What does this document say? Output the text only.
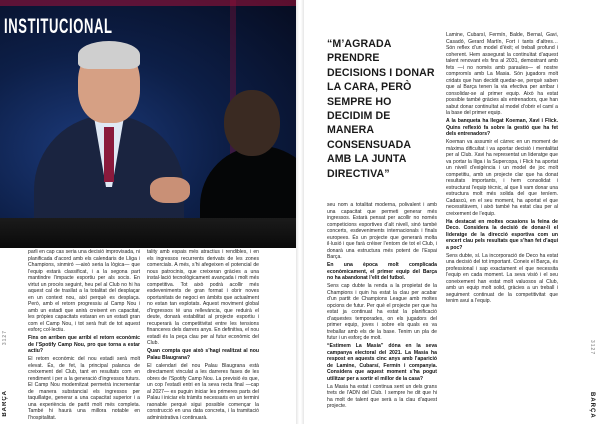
INSTITUCIONAL
3127
BARÇA

parli en cap cas seria una decisió improvisada, ni planificada d’acord amb els calendaris de Lliga i Champions, sinmiró —això seria la lògica— que l’equip estarà classificat, i a la segona part mantindre l’impacte esportiu per als socis. En virtut un procés seguint, heu pel al Club no hi ha aquest cal de trasllat a la totalitat del desplaçar en un context nou, així perquè es desplaça. Però, amb el retorn progressiu al Camp Nou i amb un estadi que anirà creixent en capacitat, les pròpies capacitats estaran en un estadi gran com el Camp Nou, i tot serà fruit de tot aquest esforç col·lectiu.

Fins on arriben que arribi el retorn econòmic de l’Spotify Camp Nou, pro que torna a estar actiu?

El retorn econòmic del nou estadi serà molt elevat. És, de fet, la principal palanca de creixement del Club, tant en resultats com en rendiment i per a la generació d’ingressos futurs. El Camp Nou modernitzat permetrà incrementar de manera substancial els ingressos per taquillatge, generar a una capacitat superior i a una experiència de partit molt més completa. També hi haurà una millora notable en l’hospitalitat.

tality amb espais més atractius i rendibles, i en els ingressos recurrents derivats de les zones comercials. A més, s’hi afegeixen el potencial de nous patrocinis, que creixeran gràcies a una instal·lació tecnològicament avançada i molt més competitiva. Tot això podrà acollir més esdeveniments de gran format i obrir noves oportunitats de negoci en àmbits que actualment no estan tan explotats. Aquest moviment global d’ingressos té una rellevància, que reduirà el deute, donarà estabilitat al projecte esportiu i recuperarà la competitivitat entre les tensions financeres dels darrers anys. En definitiva, el nou estadi és la peça clau per al futur econòmic del Club.

Quan compta que això s’hagi realitzat al nou Palau Blaugrana?

El calendari del nou Palau Blaugrana està directament vinculat a les darreres fases de les obres de l’Spotify Camp Nou. La previsió és que, un cop l’estadi entri en la seva recta final —cap al 2027— es puguin iniciar les primeres parts del Palau i iniciar els tràmits necessaris en un termini raonable perquè sigui possible començar la construcció en una data concreta, i la tramitació administrativa i continuarà.

“M’AGRADA PRENDRE DECISIONS I DONAR LA CARA, PERÒ SEMPRE HO DECIDIM DE MANERA CONSENSUADA AMB LA JUNTA DIRECTIVA”

seu nom a totalitat moderna, polivalent i amb una capacitat que permeti generar més ingressos. Estarà pensat per acollir no només competicions esportives d’alt nivell, sinó també concerts, esdeveniments internacionals i finals europees. És un projecte que generarà molta il·lusió i que farà créixer l’entorn de tot el Club, i donarà una estructura més potent de l’Espai Barça.

En una època molt complicada econòmicament, el primer equip del Barça no ha abandonat l’elit del futbol.

Sens cap dubte la renda a la propietat de la Champions i quin ha estat la clau per acabar d’un partit de Champions League amb moltes opcions de futur. Per què el projecte per que ha estat ja continuat ha estat la planificació d’aquestes temporades, on els jugadors del primer equip, joves i sobre els quals es va treballar amb els de la base. Tenim un pla de futur i un esforç de molt.

“Estimem La Masia” dóna en la seva campanya electoral del 2021. La Masia ha respost en aquests cinc anys amb l’aparició de Lamine, Cubarsí, Fermín i companyia. Considera que aquest moment s’ha pogut utilitzar per a sortir el millor de la casa?

La Masia ha estat i continua sent un dels grans trets de l’ADN del Club. I sempre he dit que hi ha molt de talent que serà a la clau d’aquest projecte.

Lamine, Cubarsí, Fermín, Balde, Bernal, Gavi, Casadó, Gerard Martín, Fort i tants d’altres… Són reflex d’un model d’èxit; el treball profund i coherent. Hem assegurat la continuïtat d’aquest talent renovant els fins al 2031, demostrant amb fets —i no només amb paraules— el nostre compromís amb La Masia. Són jugadors molt cridats que han decidit quedar-se, perquè saben que al Barça tenen la via efectiva per arribar i consolidar-se al primer equip. Això ha estat possible també gràcies als entrenadors, que han sabut donar continuïtat al model d’obrir el camí a la base del primer equip.

A la banqueta ha llegat Koeman, Xavi i Flick. Quins reflexió fa sobre la gestió que ha fet dels entrenadors?

Koeman va assumir el càrrec en un moment de màxima dificultat i va aportar decisió i mentalitat per al Club. Xavi ha representat un lideratge que va portar la lliga i la Supercopa, i Flick ha aportat un nivell d’exigència i un model de joc molt competitiu, amb un projecte clar que ha donat resultats importants, i hem consolidat i estructurat l’equip tècnic, al que li vam donar una estructura molt més solida del que teníem. Cadascú, en el seu moment, ha aportat el que necessitàvem, i això també ha estat clau per al creixement de l’equip.

Ha destacat en moltes ocasions la feina de Deco. Considera la decisió de donar-li el lideratge de la direcció esportiva com un encert clau pels resultats que s’han fet d’aquí a poc?

Sens dubte, sí. La incorporació de Deco ha estat una decisió del tot important. Coneix el Barça, és professional i sap exactament el que necessita l’equip en cada moment. La seva visió i el seu coneixement han estat molt valuosos al Club, amb un equip molt solid, gràcies a un treball i seguiment continuat de la competitivitat que tenim avui a l’equip.

3127
BARÇA
